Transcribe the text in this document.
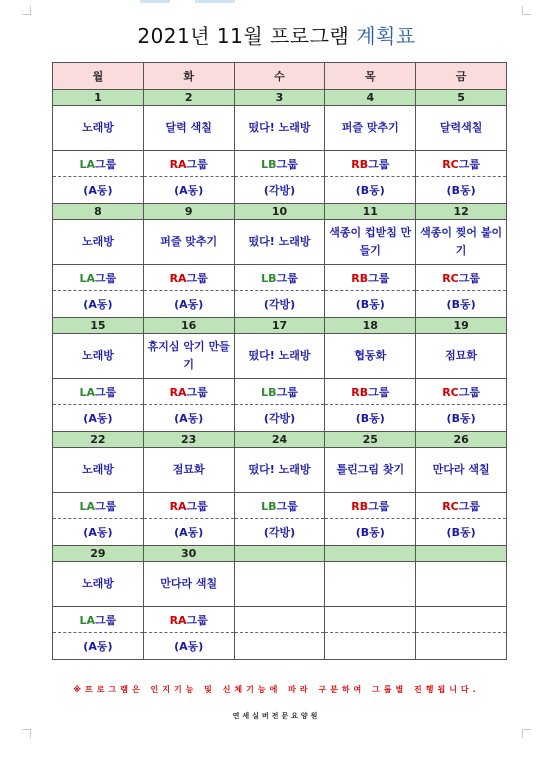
2021년 11월 프로그램 계획표
월	화	수	목	금
1	2	3	4	5
노래방	달력 색칠	떴다! 노래방	퍼즐 맞추기	달력색칠
LA그룹	RA그룹	LB그룹	RB그룹	RC그룹
(A동)	(A동)	(각방)	(B동)	(B동)
8	9	10	11	12
노래방	퍼즐 맞추기	떴다! 노래방	색종이 컵받침 만들기	색종이 찢어 붙이기
LA그룹	RA그룹	LB그룹	RB그룹	RC그룹
(A동)	(A동)	(각방)	(B동)	(B동)
15	16	17	18	19
노래방	휴지심 악기 만들기	떴다! 노래방	협동화	점묘화
LA그룹	RA그룹	LB그룹	RB그룹	RC그룹
(A동)	(A동)	(각방)	(B동)	(B동)
22	23	24	25	26
노래방	점묘화	떴다! 노래방	틀린그림 찾기	만다라 색칠
LA그룹	RA그룹	LB그룹	RB그룹	RC그룹
(A동)	(A동)	(각방)	(B동)	(B동)
29	30			
노래방	만다라 색칠			
LA그룹	RA그룹			
(A동)	(A동)			
※프로그램은 인지기능 및 신체기능에 따라 구분하여 그룹별 진행됩니다.
연세실버전문요양원
